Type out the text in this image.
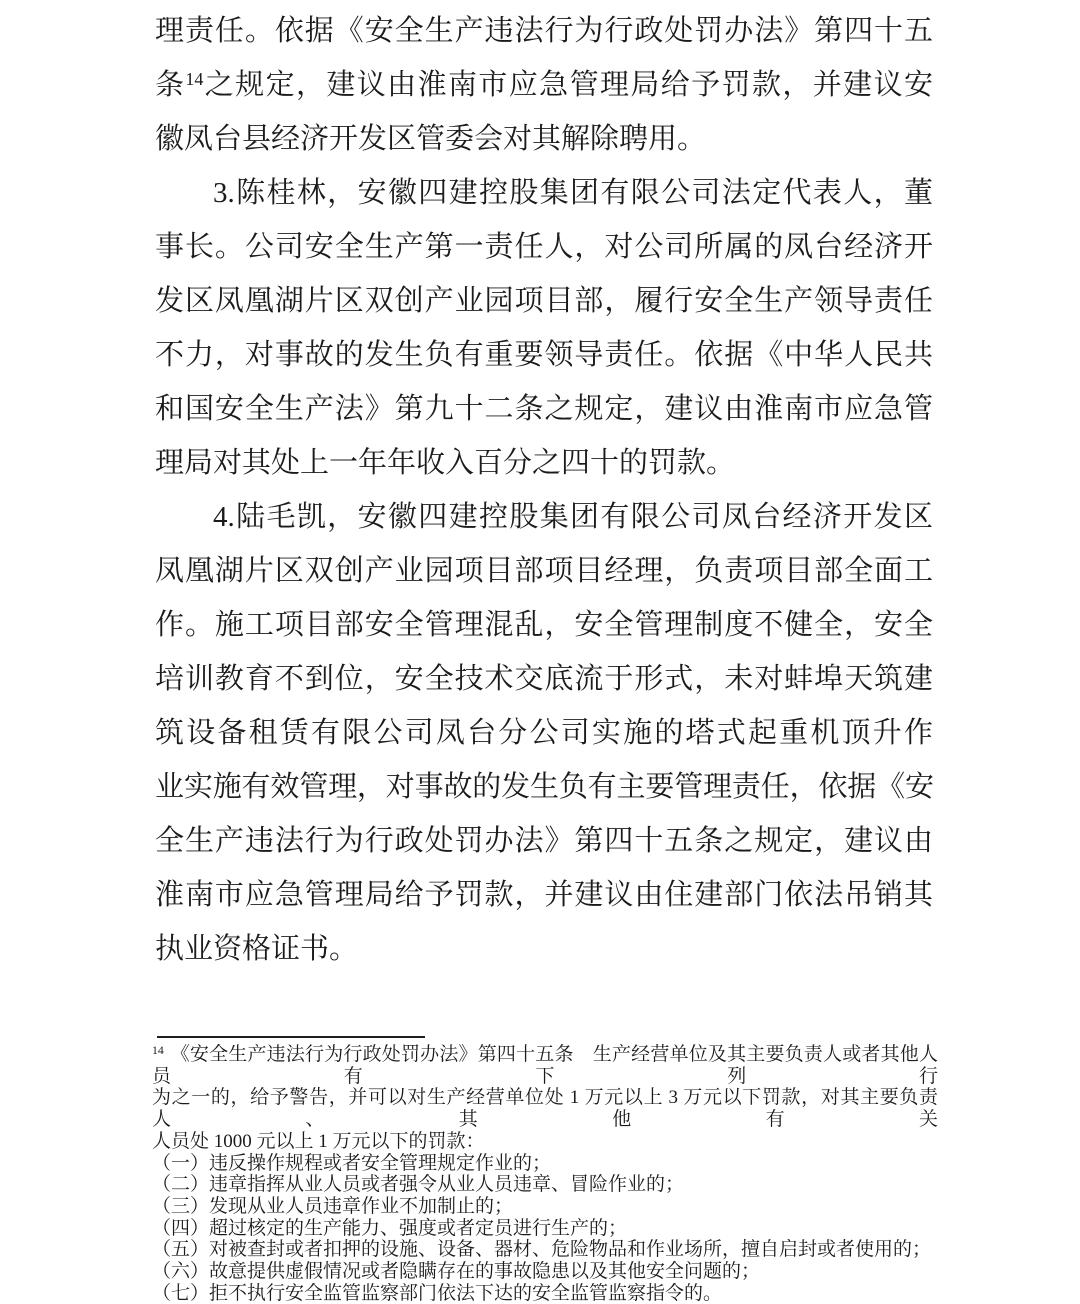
理责任。依据《安全生产违法行为行政处罚办法》第四十五
条$^{14}$之规定，建议由淮南市应急管理局给予罚款，并建议安
徽凤台县经济开发区管委会对其解除聘用。
3.陈桂林，安徽四建控股集团有限公司法定代表人，董
事长。公司安全生产第一责任人，对公司所属的凤台经济开
发区凤凰湖片区双创产业园项目部，履行安全生产领导责任
不力，对事故的发生负有重要领导责任。依据《中华人民共
和国安全生产法》第九十二条之规定，建议由淮南市应急管
理局对其处上一年年收入百分之四十的罚款。
4.陆毛凯，安徽四建控股集团有限公司凤台经济开发区
凤凰湖片区双创产业园项目部项目经理，负责项目部全面工
作。施工项目部安全管理混乱，安全管理制度不健全，安全
培训教育不到位，安全技术交底流于形式，未对蚌埠天筑建
筑设备租赁有限公司凤台分公司实施的塔式起重机顶升作
业实施有效管理，对事故的发生负有主要管理责任，依据《安
全生产违法行为行政处罚办法》第四十五条之规定，建议由
淮南市应急管理局给予罚款，并建议由住建部门依法吊销其
执业资格证书。
$^{14}$ 《安全生产违法行为行政处罚办法》第四十五条　生产经营单位及其主要负责人或者其他人员有下列行
为之一的，给予警告，并可以对生产经营单位处 1 万元以上 3 万元以下罚款，对其主要负责人、其他有关
人员处 1000 元以上 1 万元以下的罚款：
（一）违反操作规程或者安全管理规定作业的；
（二）违章指挥从业人员或者强令从业人员违章、冒险作业的；
（三）发现从业人员违章作业不加制止的；
（四）超过核定的生产能力、强度或者定员进行生产的；
（五）对被查封或者扣押的设施、设备、器材、危险物品和作业场所，擅自启封或者使用的；
（六）故意提供虚假情况或者隐瞒存在的事故隐患以及其他安全问题的；
（七）拒不执行安全监管监察部门依法下达的安全监管监察指令的。
